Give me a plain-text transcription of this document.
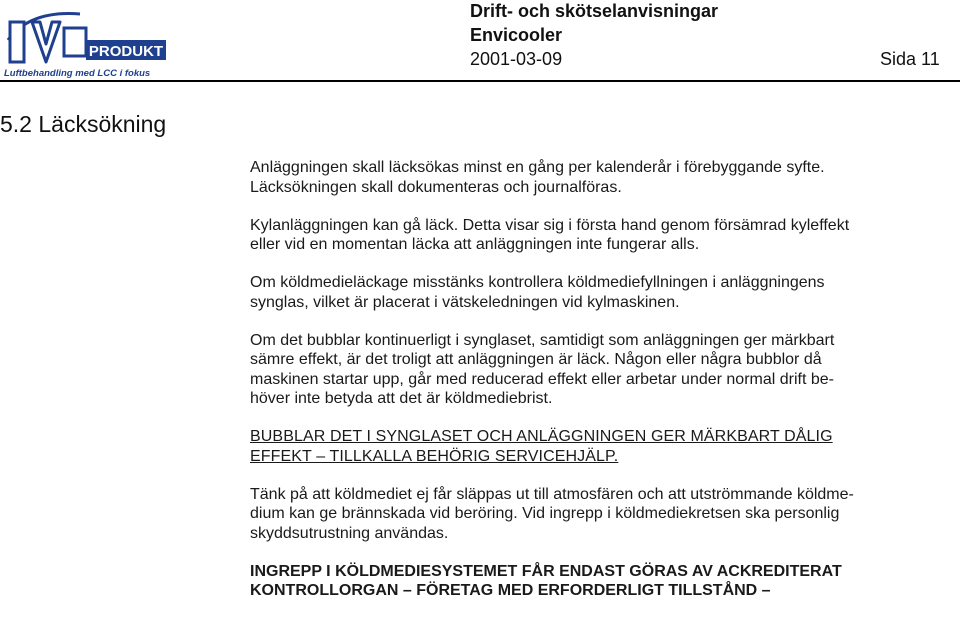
PRODUKT
Luftbehandling med LCC i fokus
Drift- och skötselanvisningar
Envicooler
2001-03-09	Sida 11
5.2 Läcksökning

Anläggningen skall läcksökas minst en gång per kalenderår i förebyggande syfte.
Läcksökningen skall dokumenteras och journalföras.

Kylanläggningen kan gå läck. Detta visar sig i första hand genom försämrad kyleffekt
eller vid en momentan läcka att anläggningen inte fungerar alls.

Om köldmedieläckage misstänks kontrollera köldmediefyllningen i anläggningens
synglas, vilket är placerat i vätskeledningen vid kylmaskinen.

Om det bubblar kontinuerligt i synglaset, samtidigt som anläggningen ger märkbart
sämre effekt, är det troligt att anläggningen är läck. Någon eller några bubblor då
maskinen startar upp, går med reducerad effekt eller arbetar under normal drift be-
höver inte betyda att det är köldmediebrist.

BUBBLAR DET I SYNGLASET OCH ANLÄGGNINGEN GER MÄRKBART DÅLIG
EFFEKT – TILLKALLA BEHÖRIG SERVICEHJÄLP.

Tänk på att köldmediet ej får släppas ut till atmosfären och att utströmmande köldme-
dium kan ge brännskada vid beröring. Vid ingrepp i köldmediekretsen ska personlig
skyddsutrustning användas.

INGREPP I KÖLDMEDIESYSTEMET FÅR ENDAST GÖRAS AV ACKREDITERAT
KONTROLLORGAN – FÖRETAG MED ERFORDERLIGT TILLSTÅND –
